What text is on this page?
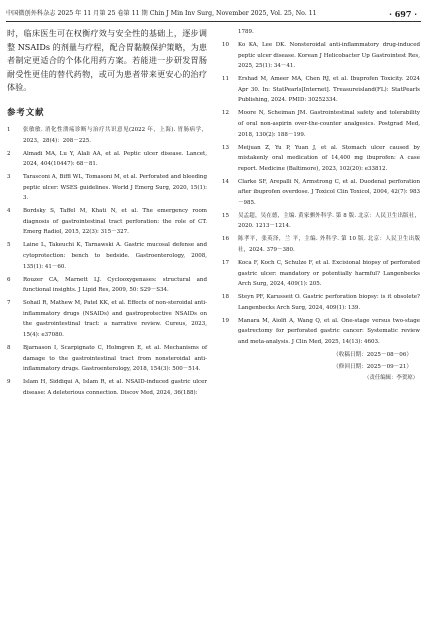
中国微创外科杂志 2025 年 11 月第 25 卷第 11 期 Chin J Min Inv Surg, November 2025, Vol. 25, No. 11	· 697 ·

时，临床医生可在权衡疗效与安全性的基础上，逐步调整 NSAIDs 的剂量与疗程，配合胃黏膜保护策略，为患者制定更适合的个体化用药方案。若能进一步研发胃肠耐受性更佳的替代药物，或可为患者带来更安心的治疗体验。

参考文献
1	张敏敏. 消化性溃疡诊断与治疗共识意见(2022 年，上海). 胃肠病学，2023，28(4)：208－225.
2	Almadi MA, Lu Y, Alali AA, et al. Peptic ulcer disease. Lancet, 2024, 404(10447): 68－81.
3	Tarasconi A, Biffl WL, Tomasoni M, et al. Perforated and bleeding peptic ulcer: WSES guidelines. World J Emerg Surg, 2020, 15(1): 3.
4	Bordsky S, Taffel M, Khati N, et al. The emergency room diagnosis of gastrointestinal tract perforation: the role of CT. Emerg Radiol, 2015, 22(3): 315－327.
5	Laine L, Takeuchi K, Tarnawski A. Gastric mucosal defense and cytoprotection: bench to bedside. Gastroenterology, 2008, 135(1): 41－60.
6	Rouzer CA, Marnett LJ. Cyclooxygenases: structural and functional insights. J Lipid Res, 2009, 50: S29－S34.
7	Sohail R, Mathew M, Patel KK, et al. Effects of non-steroidal anti-inflammatory drugs (NSAIDs) and gastroprotective NSAIDs on the gastrointestinal tract: a narrative review. Cureus, 2023, 15(4): e37080.
8	Bjarnason I, Scarpignato C, Holmgren E, et al. Mechanisms of damage to the gastrointestinal tract from nonsteroidal anti-inflammatory drugs. Gastroenterology, 2018, 154(3): 500－514.
9	Islam H, Siddiqui A, Islam R, et al. NSAID-induced gastric ulcer disease: A deleterious connection. Discov Med, 2024, 36(188):
1789.
10	Ko KA, Lee DK. Nonsteroidal anti-inflammatory drug-induced peptic ulcer disease. Korean J Helicobacter Up Gastrointest Res, 2025, 25(1): 34－41.
11	Ershad M, Ameer MA, Chen RJ, et al. Ibuprofen Toxicity. 2024 Apr 30. In: StatPearls[Internet]. Treasureisland(FL): StatPearls Publishing, 2024. PMID: 30252334.
12	Moore N, Scheiman JM. Gastrointestinal safety and tolerability of oral non-aspirin over-the-counter analgesics. Postgrad Med, 2018, 130(2): 188－199.
13	Meijuan Z, Yu P, Yuan J, et al. Stomach ulcer caused by mistakenly oral medication of 14,400 mg ibuprofen: A case report. Medicine (Baltimore), 2023, 102(20): e33812.
14	Clarke SF, Arepalli N, Armstrong C, et al. Duodenal perforation after ibuprofen overdose. J Toxicol Clin Toxicol, 2004, 42(7): 983－985.
15	吴孟超，吴在德，主编. 黄家驷外科学. 第 8 版. 北京：人民卫生出版社，2020. 1213－1214.
16	陈孝平，张英泽，兰 平，主编. 外科学. 第 10 版. 北京：人民卫生出版社，2024. 379－380.
17	Koca F, Koch C, Schulze F, et al. Excisional biopsy of perforated gastric ulcer: mandatory or potentially harmful? Langenbecks Arch Surg, 2024, 409(1): 205.
18	Steyn PF, Karusseit O. Gastric perforation biopsy: is it obsolete? Langenbecks Arch Surg, 2024, 409(1): 139.
19	Manara M, Aiolfi A, Wang Q, et al. One-stage versus two-stage gastrectomy for perforated gastric cancer: Systematic review and meta-analysis. J Clin Med, 2025, 14(13): 4603.
（收稿日期：2025－08－06）
（修回日期：2025－09－21）
（责任编辑：李贺琼）
